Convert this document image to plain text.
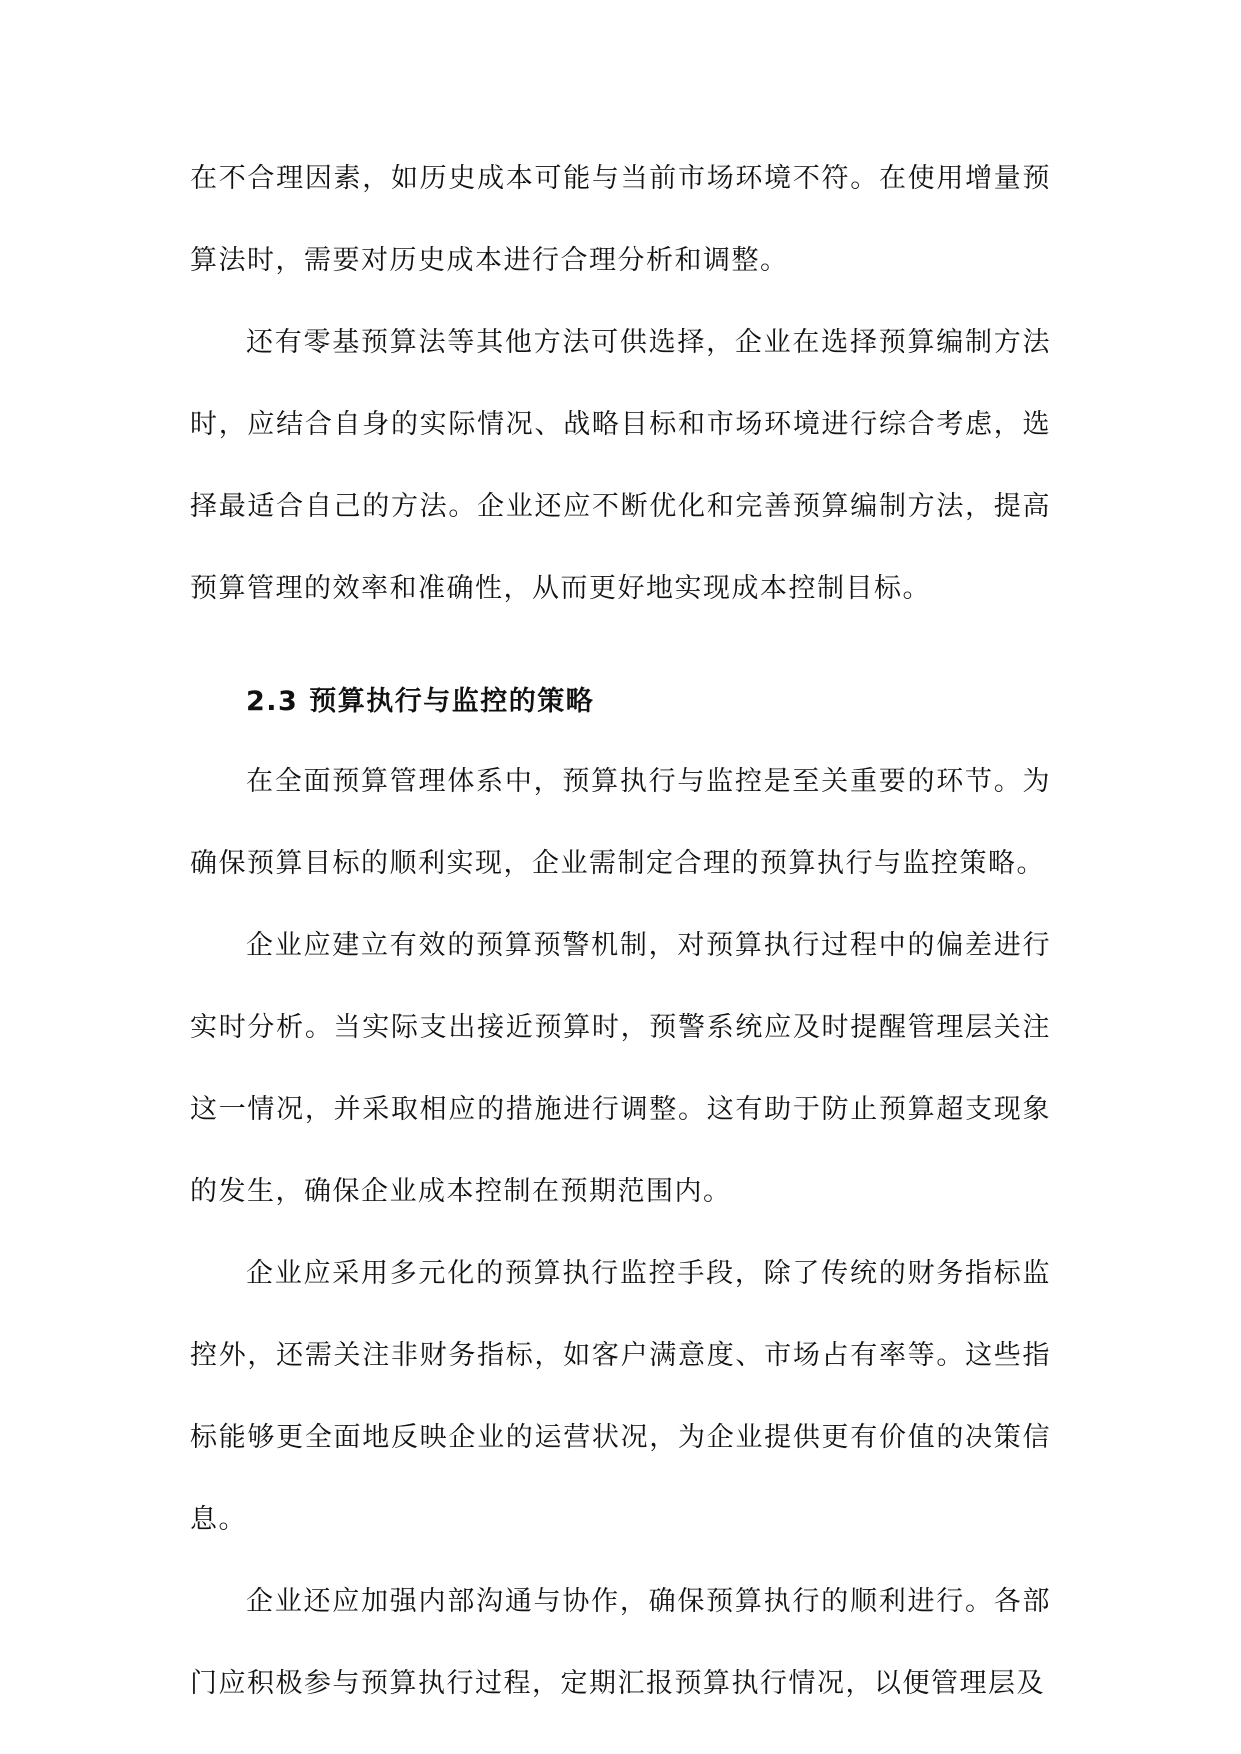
在不合理因素，如历史成本可能与当前市场环境不符。在使用增量预算法时，需要对历史成本进行合理分析和调整。

还有零基预算法等其他方法可供选择，企业在选择预算编制方法时，应结合自身的实际情况、战略目标和市场环境进行综合考虑，选择最适合自己的方法。企业还应不断优化和完善预算编制方法，提高预算管理的效率和准确性，从而更好地实现成本控制目标。

2.3 预算执行与监控的策略

在全面预算管理体系中，预算执行与监控是至关重要的环节。为确保预算目标的顺利实现，企业需制定合理的预算执行与监控策略。

企业应建立有效的预算预警机制，对预算执行过程中的偏差进行实时分析。当实际支出接近预算时，预警系统应及时提醒管理层关注这一情况，并采取相应的措施进行调整。这有助于防止预算超支现象的发生，确保企业成本控制在预期范围内。

企业应采用多元化的预算执行监控手段，除了传统的财务指标监控外，还需关注非财务指标，如客户满意度、市场占有率等。这些指标能够更全面地反映企业的运营状况，为企业提供更有价值的决策信息。

企业还应加强内部沟通与协作，确保预算执行的顺利进行。各部门应积极参与预算执行过程，定期汇报预算执行情况，以便管理层及
